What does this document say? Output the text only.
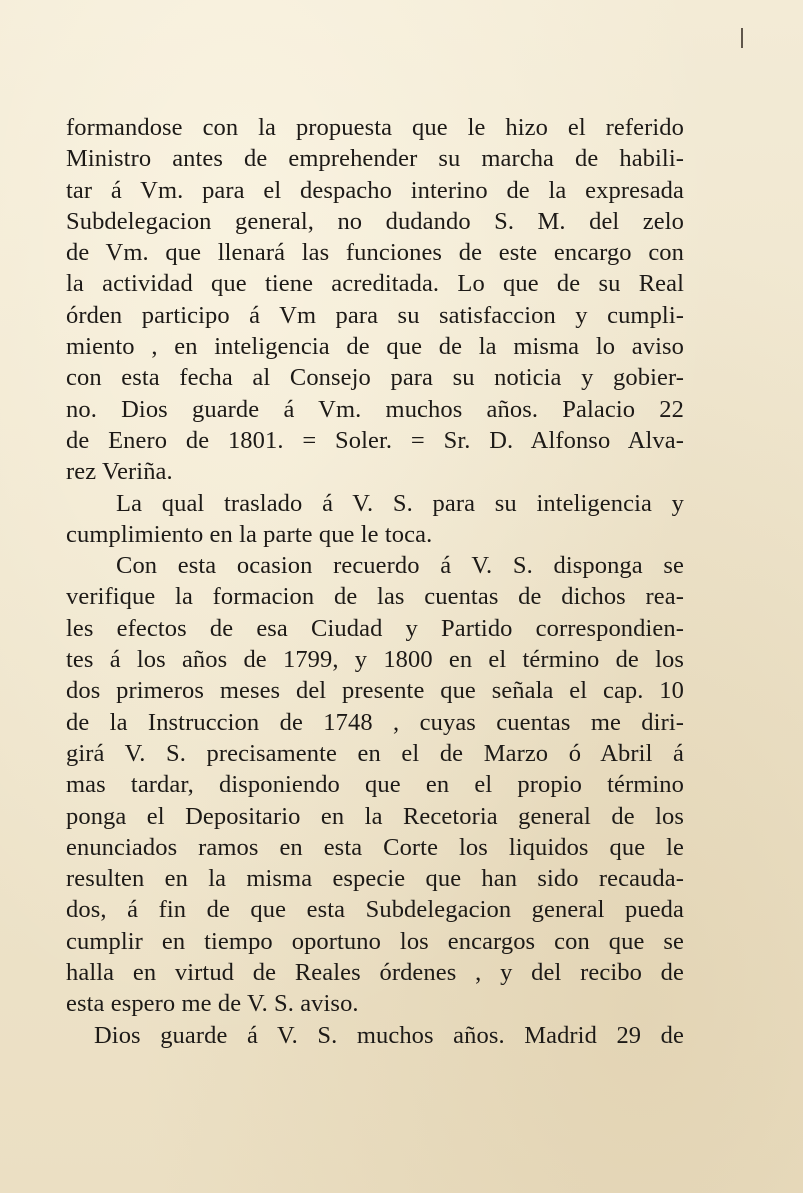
formandose con la propuesta que le hizo el referido
Ministro antes de emprehender su marcha de habili-
tar á Vm. para el despacho interino de la expresada
Subdelegacion general, no dudando S. M. del zelo
de Vm. que llenará las funciones de este encargo con
la actividad que tiene acreditada. Lo que de su Real
órden participo á Vm para su satisfaccion y cumpli-
miento , en inteligencia de que de la misma lo aviso
con esta fecha al Consejo para su noticia y gobier-
no. Dios guarde á Vm. muchos años. Palacio 22
de Enero de 1801. = Soler. = Sr. D. Alfonso Alva-
rez Veriña.
La qual traslado á V. S. para su inteligencia y
cumplimiento en la parte que le toca.
Con esta ocasion recuerdo á V. S. disponga se
verifique la formacion de las cuentas de dichos rea-
les efectos de esa Ciudad y Partido correspondien-
tes á los años de 1799, y 1800 en el término de los
dos primeros meses del presente que señala el cap. 10
de la Instruccion de 1748 , cuyas cuentas me diri-
girá V. S. precisamente en el de Marzo ó Abril á
mas tardar, disponiendo que en el propio término
ponga el Depositario en la Recetoria general de los
enunciados ramos en esta Corte los liquidos que le
resulten en la misma especie que han sido recauda-
dos, á fin de que esta Subdelegacion general pueda
cumplir en tiempo oportuno los encargos con que se
halla en virtud de Reales órdenes , y del recibo de
esta espero me de V. S. aviso.
Dios guarde á V. S. muchos años. Madrid 29 de
